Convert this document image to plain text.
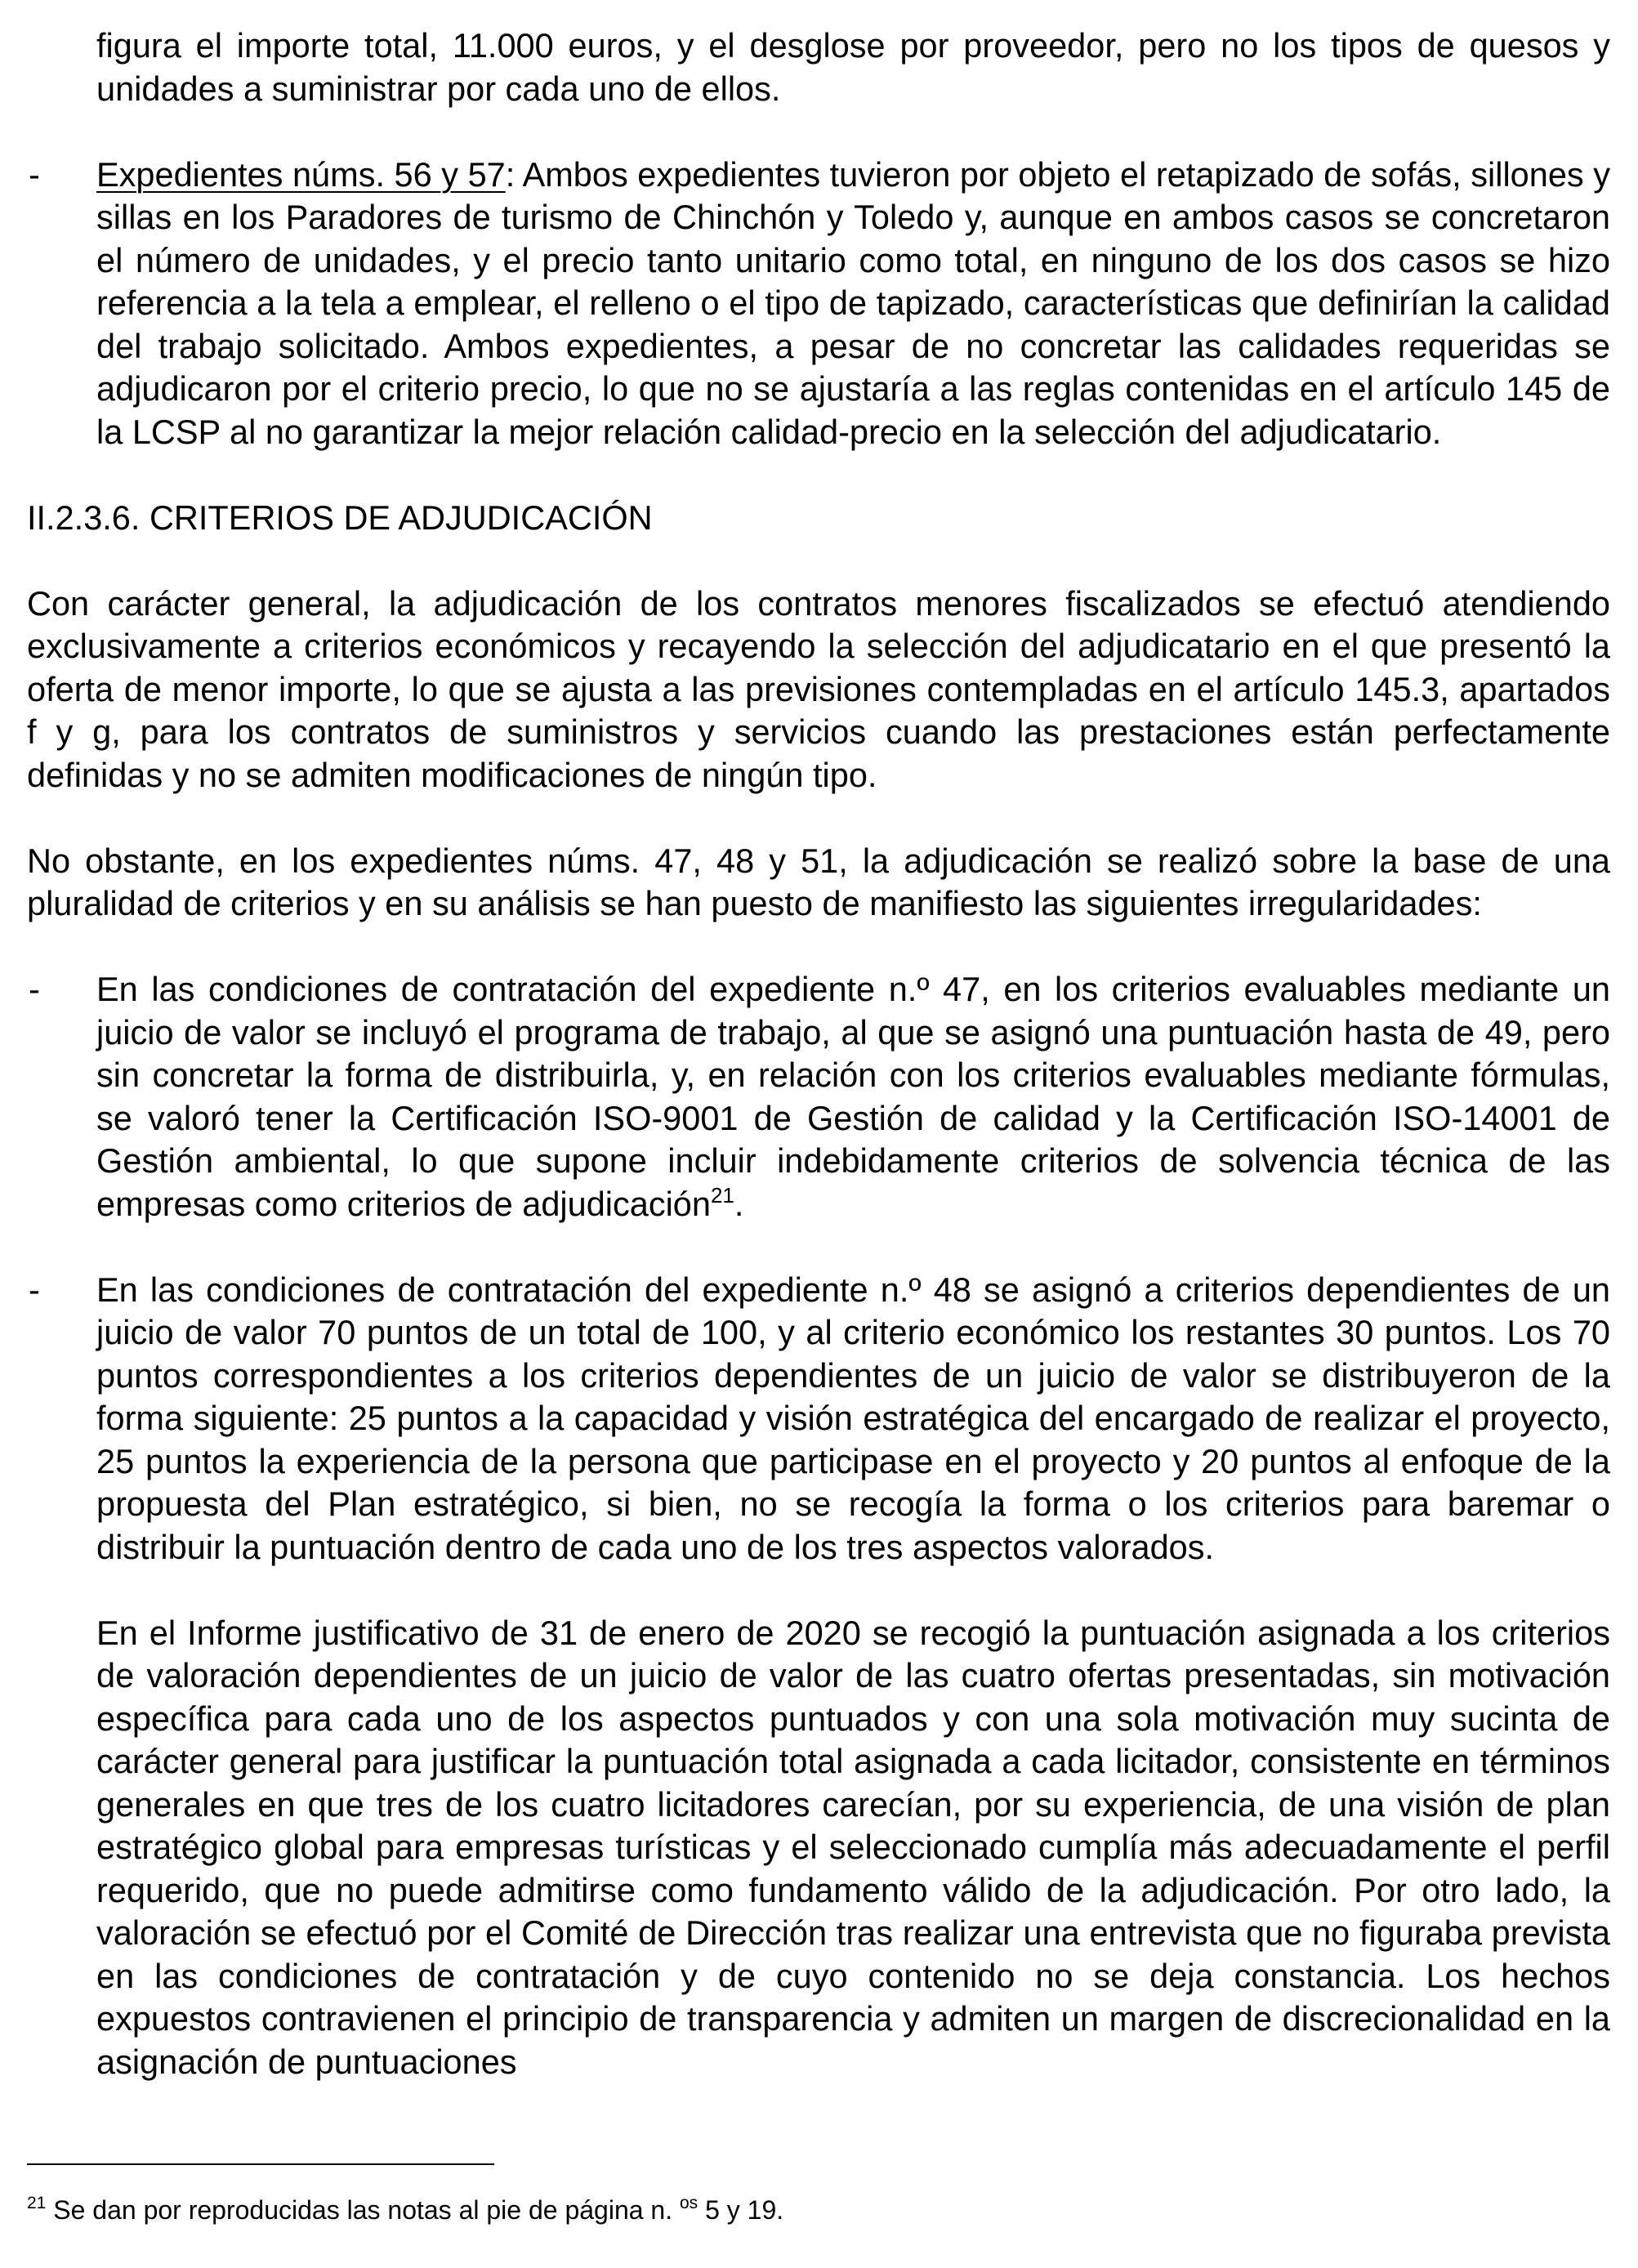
figura el importe total, 11.000 euros, y el desglose por proveedor, pero no los tipos de quesos y unidades a suministrar por cada uno de ellos.

- Expedientes núms. 56 y 57: Ambos expedientes tuvieron por objeto el retapizado de sofás, sillones y sillas en los Paradores de turismo de Chinchón y Toledo y, aunque en ambos casos se concretaron el número de unidades, y el precio tanto unitario como total, en ninguno de los dos casos se hizo referencia a la tela a emplear, el relleno o el tipo de tapizado, características que definirían la calidad del trabajo solicitado. Ambos expedientes, a pesar de no concretar las calidades requeridas se adjudicaron por el criterio precio, lo que no se ajustaría a las reglas contenidas en el artículo 145 de la LCSP al no garantizar la mejor relación calidad-precio en la selección del adjudicatario.

II.2.3.6. CRITERIOS DE ADJUDICACIÓN

Con carácter general, la adjudicación de los contratos menores fiscalizados se efectuó atendiendo exclusivamente a criterios económicos y recayendo la selección del adjudicatario en el que presentó la oferta de menor importe, lo que se ajusta a las previsiones contempladas en el artículo 145.3, apartados f y g, para los contratos de suministros y servicios cuando las prestaciones están perfectamente definidas y no se admiten modificaciones de ningún tipo.

No obstante, en los expedientes núms. 47, 48 y 51, la adjudicación se realizó sobre la base de una pluralidad de criterios y en su análisis se han puesto de manifiesto las siguientes irregularidades:

- En las condiciones de contratación del expediente n.º 47, en los criterios evaluables mediante un juicio de valor se incluyó el programa de trabajo, al que se asignó una puntuación hasta de 49, pero sin concretar la forma de distribuirla, y, en relación con los criterios evaluables mediante fórmulas, se valoró tener la Certificación ISO-9001 de Gestión de calidad y la Certificación ISO-14001 de Gestión ambiental, lo que supone incluir indebidamente criterios de solvencia técnica de las empresas como criterios de adjudicación$^{21}$.

- En las condiciones de contratación del expediente n.º 48 se asignó a criterios dependientes de un juicio de valor 70 puntos de un total de 100, y al criterio económico los restantes 30 puntos. Los 70 puntos correspondientes a los criterios dependientes de un juicio de valor se distribuyeron de la forma siguiente: 25 puntos a la capacidad y visión estratégica del encargado de realizar el proyecto, 25 puntos la experiencia de la persona que participase en el proyecto y 20 puntos al enfoque de la propuesta del Plan estratégico, si bien, no se recogía la forma o los criterios para baremar o distribuir la puntuación dentro de cada uno de los tres aspectos valorados.

En el Informe justificativo de 31 de enero de 2020 se recogió la puntuación asignada a los criterios de valoración dependientes de un juicio de valor de las cuatro ofertas presentadas, sin motivación específica para cada uno de los aspectos puntuados y con una sola motivación muy sucinta de carácter general para justificar la puntuación total asignada a cada licitador, consistente en términos generales en que tres de los cuatro licitadores carecían, por su experiencia, de una visión de plan estratégico global para empresas turísticas y el seleccionado cumplía más adecuadamente el perfil requerido, que no puede admitirse como fundamento válido de la adjudicación. Por otro lado, la valoración se efectuó por el Comité de Dirección tras realizar una entrevista que no figuraba prevista en las condiciones de contratación y de cuyo contenido no se deja constancia. Los hechos expuestos contravienen el principio de transparencia y admiten un margen de discrecionalidad en la asignación de puntuaciones

$^{21}$ Se dan por reproducidas las notas al pie de página n. $^{os}$ 5 y 19.
